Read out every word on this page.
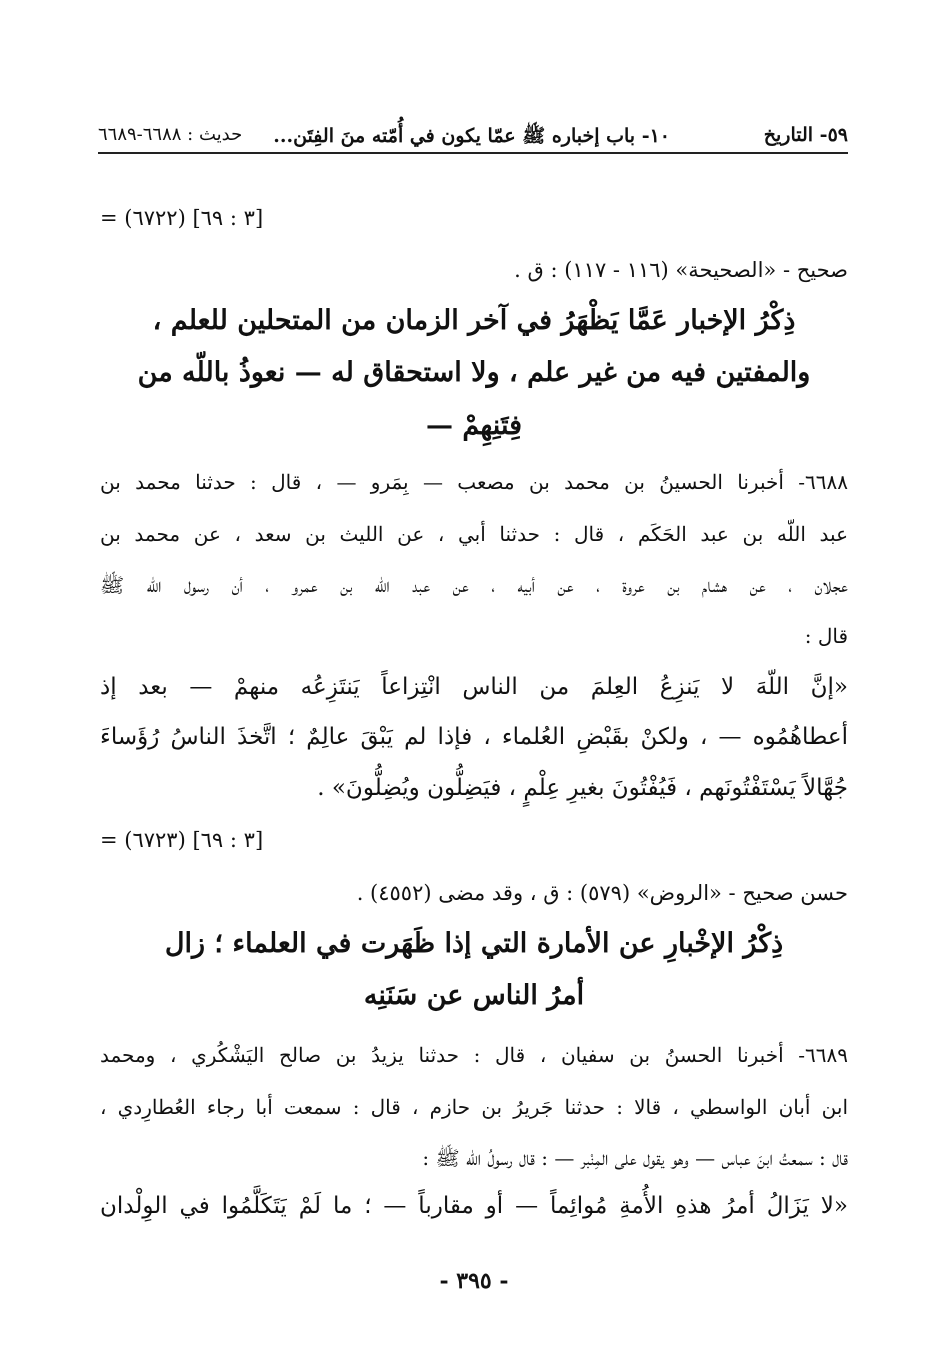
٥٩- التاريخ
١٠- باب إخباره ﷺ عمّا يكون في أُمّته منَ الفِتَن...
حديث : ٦٦٨٨-٦٦٨٩
= (٦٧٢٢) [٣ : ٦٩]
صحيح - «الصحيحة» (١١٦ - ١١٧) : ق .
ذِكْرُ الإخبار عَمَّا يَظْهَرُ في آخر الزمان من المتحلين للعلم ،
والمفتين فيه من غير علم ، ولا استحقاق له — نعوذُ باللّه من
فِتَنِهِمْ —
٦٦٨٨- أخبرنا الحسينُ بن محمد بن مصعب — بِمَرو — ، قال : حدثنا محمد بن
عبد اللّه بن عبد الحَكَم ، قال : حدثنا أبي ، عن الليث بن سعد ، عن محمد بن
عجلان ، عن هشام بن عروة ، عن أبيه ، عن عبد اللّه بن عمرو ، أن رسول اللّه ﷺ
قال :
«إنَّ اللّهَ لا يَنزِعُ العِلمَ من الناس انْتِزاعاً يَنتَزِعُه منهمْ — بعد إذ
أعطاهُمُوه — ، ولكنْ بقَبْضِ العُلماء ، فإذا لم يَبْقَ عالِمٌ ؛ اتَّخذَ الناسُ رُؤَساءَ
جُهَّالاً يَسْتَفْتُونَهم ، فَيُفْتُونَ بغيرِ عِلْمٍ ، فيَضِلُّون ويُضِلُّونَ» .
= (٦٧٢٣) [٣ : ٦٩]
حسن صحيح - «الروض» (٥٧٩) : ق ، وقد مضى (٤٥٥٢) .
ذِكْرُ الإخْبارِ عن الأمارة التي إذا ظَهَرت في العلماء ؛ زال
أمرُ الناس عن سَنَنِه
٦٦٨٩- أخبرنا الحسنُ بن سفيان ، قال : حدثنا يزيدُ بن صالح اليَشْكُري ، ومحمد
ابن أبان الواسطي ، قالا : حدثنا جَريرُ بن حازم ، قال : سمعت أبا رجاء العُطارِدي ،
قال : سمعتُ ابنَ عباس — وهو يقول على المِنْبر — : قال رسولُ اللّه ﷺ :
«لا يَزَالُ أمرُ هذهِ الأُمةِ مُوائِماً — أو مقارباً — ؛ ما لَمْ يَتَكَلَّمُوا في الوِلْدان
- ٣٩٥ -
